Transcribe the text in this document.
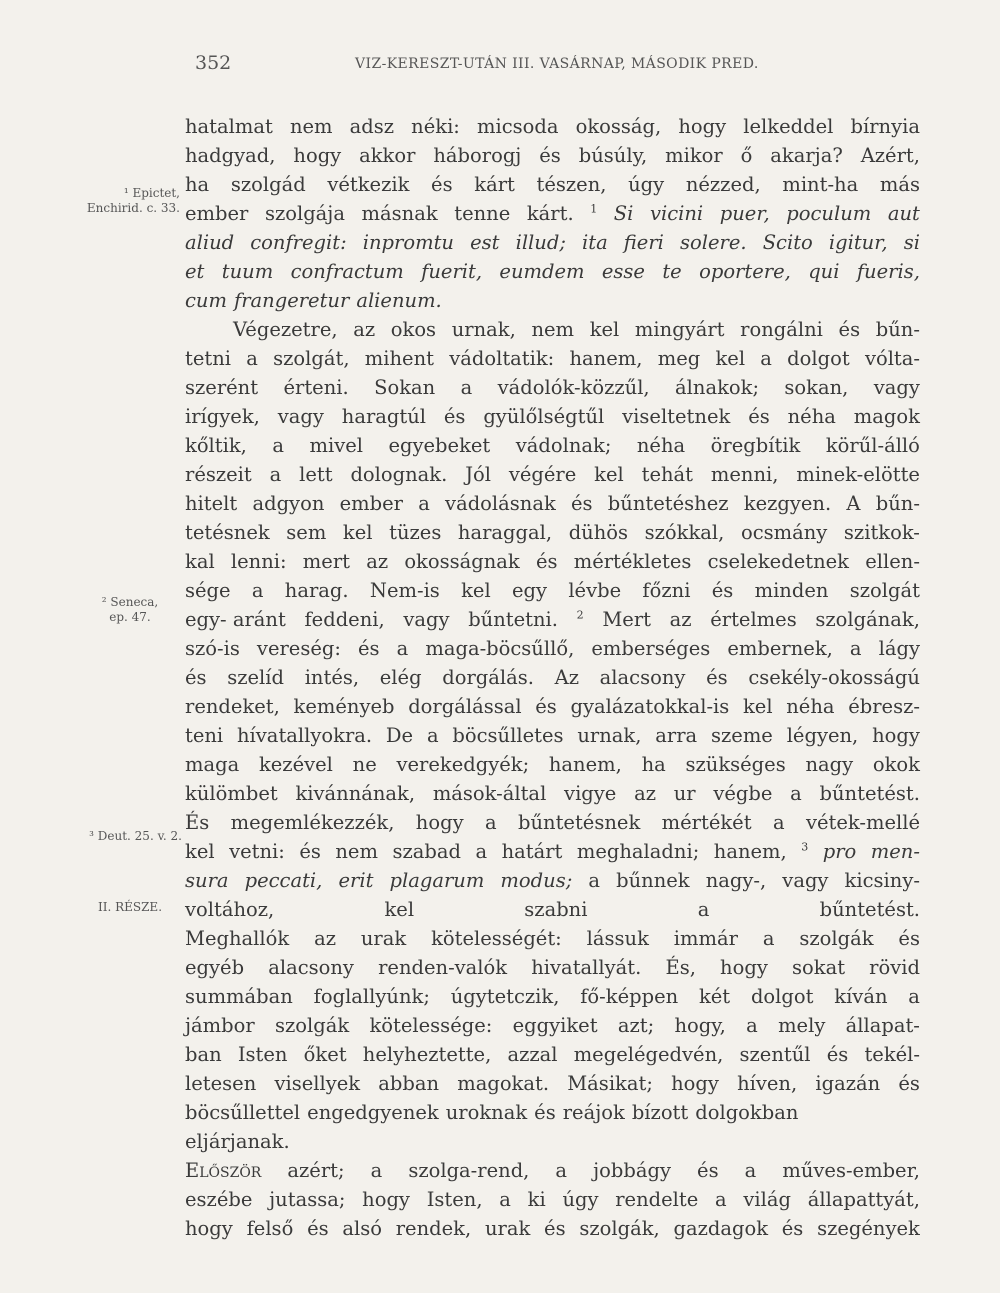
352	VIZ-KERESZT-UTÁN III. VASÁRNAP, MÁSODIK PRED.
¹ Epictet,
Enchirid. c. 33.
² Seneca,
ep. 47.
³ Deut. 25. v. 2.
II. RÉSZE.
hatalmat nem adsz néki: micsoda okosság, hogy lelkeddel bírnyia
hadgyad, hogy akkor háborogj és búsúly, mikor ő akarja? Azért,
ha szolgád vétkezik és kárt tészen, úgy nézzed, mint-ha más
ember szolgája másnak tenne kárt. $^1$ Si vicini puer, poculum aut
aliud confregit: inpromtu est illud; ita fieri solere. Scito igitur, si
et tuum confractum fuerit, eumdem esse te oportere, qui fueris,
cum frangeretur alienum.
Végezetre, az okos urnak, nem kel mingyárt rongálni és bűn-
tetni a szolgát, mihent vádoltatik: hanem, meg kel a dolgot vólta-
szerént érteni. Sokan a vádolók-közzűl, álnakok; sokan, vagy
irígyek, vagy haragtúl és gyülőlségtűl viseltetnek és néha magok
kőltik, a mivel egyebeket vádolnak; néha öregbítik körűl-álló
részeit a lett dolognak. Jól végére kel tehát menni, minek-elötte
hitelt adgyon ember a vádolásnak és bűntetéshez kezgyen. A bűn-
tetésnek sem kel tüzes haraggal, dühös szókkal, ocsmány szitkok-
kal lenni: mert az okosságnak és mértékletes cselekedetnek ellen-
sége a harag. Nem-is kel egy lévbe főzni és minden szolgát
egy- aránt feddeni, vagy bűntetni. $^2$ Mert az értelmes szolgának,
szó-is vereség: és a maga-böcsűllő, emberséges embernek, a lágy
és szelíd intés, elég dorgálás. Az alacsony és csekély-okosságú
rendeket, keményeb dorgálással és gyalázatokkal-is kel néha ébresz-
teni hívatallyokra. De a böcsűlletes urnak, arra szeme légyen, hogy
maga kezével ne verekedgyék; hanem, ha szükséges nagy okok
külömbet kivánnának, mások-által vigye az ur végbe a bűntetést.
És megemlékezzék, hogy a bűntetésnek mértékét a vétek-mellé
kel vetni: és nem szabad a határt meghaladni; hanem, $^3$ pro men-
sura peccati, erit plagarum modus; a bűnnek nagy-, vagy kicsiny-
voltához,	kel	szabni	a	bűntetést.
Meghallók az urak kötelességét: lássuk immár a szolgák és
egyéb alacsony renden-valók hivatallyát. És, hogy sokat rövid
summában foglallyúnk; úgytetczik, fő-képpen két dolgot kíván a
jámbor szolgák kötelessége: eggyiket azt; hogy, a mely állapat-
ban Isten őket helyheztette, azzal megelégedvén, szentűl és tekél-
letesen visellyek abban magokat. Másikat; hogy híven, igazán és
böcsűllettel engedgyenek uroknak és reájok bízott dolgokban
eljárjanak.
Először azért; a szolga-rend, a jobbágy és a műves-ember,
eszébe jutassa; hogy Isten, a ki úgy rendelte a világ állapattyát,
hogy felső és alsó rendek, urak és szolgák, gazdagok és szegények
